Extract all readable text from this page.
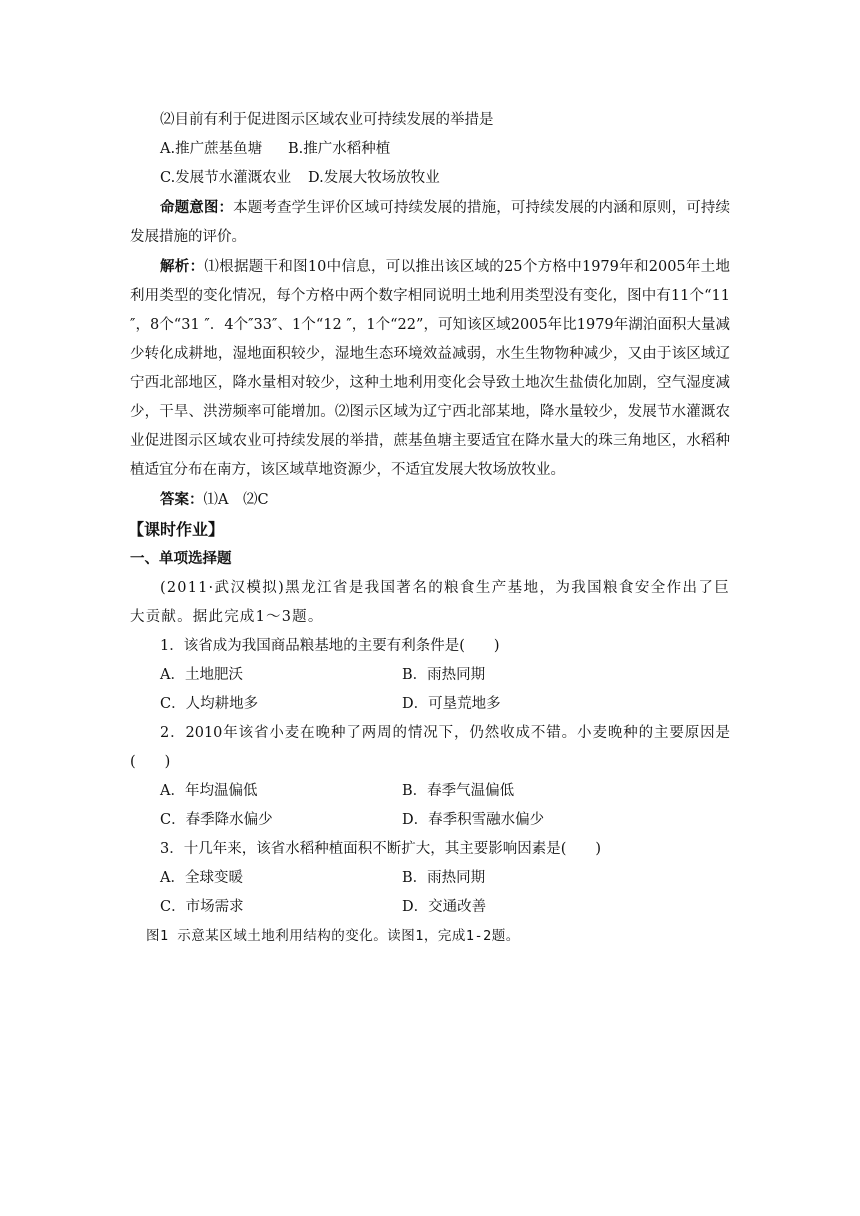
⑵目前有利于促进图示区域农业可持续发展的举措是

A.推广蔗基鱼塘	B.推广水稻种植
C.发展节水灌溉农业	D.发展大牧场放牧业

命题意图：本题考查学生评价区域可持续发展的措施，可持续发展的内涵和原则，可持续发展措施的评价。

解析：⑴根据题干和图10中信息，可以推出该区域的25个方格中1979年和2005年土地利用类型的变化情况，每个方格中两个数字相同说明土地利用类型没有变化，图中有11个“11 ″，8个“31 ″．4个″33″、1个“12 ″，1个“22”，可知该区域2005年比1979年湖泊面积大量减少转化成耕地，湿地面积较少，湿地生态环境效益减弱，水生生物物种减少，又由于该区域辽宁西北部地区，降水量相对较少，这种土地利用变化会导致土地次生盐债化加剧，空气湿度减少，干旱、洪涝频率可能增加。⑵图示区域为辽宁西北部某地，降水量较少，发展节水灌溉农业促进图示区域农业可持续发展的举措，蔗基鱼塘主要适宜在降水量大的珠三角地区，水稻种植适宜分布在南方，该区域草地资源少，不适宜发展大牧场放牧业。

答案：⑴A　⑵C

【课时作业】

一、单项选择题

(2011·武汉模拟)黑龙江省是我国著名的粮食生产基地，为我国粮食安全作出了巨大贡献。据此完成1～3题。

1．该省成为我国商品粮基地的主要有利条件是(　　)

A．土地肥沃	B．雨热同期
C．人均耕地多	D．可垦荒地多

2．2010年该省小麦在晚种了两周的情况下，仍然收成不错。小麦晚种的主要原因是(　　)

A．年均温偏低	B．春季气温偏低
C．春季降水偏少	D．春季积雪融水偏少

3．十几年来，该省水稻种植面积不断扩大，其主要影响因素是(　　)

A．全球变暖	B．雨热同期
C．市场需求	D．交通改善

图1 示意某区域土地利用结构的变化。读图1，完成1-2题。
